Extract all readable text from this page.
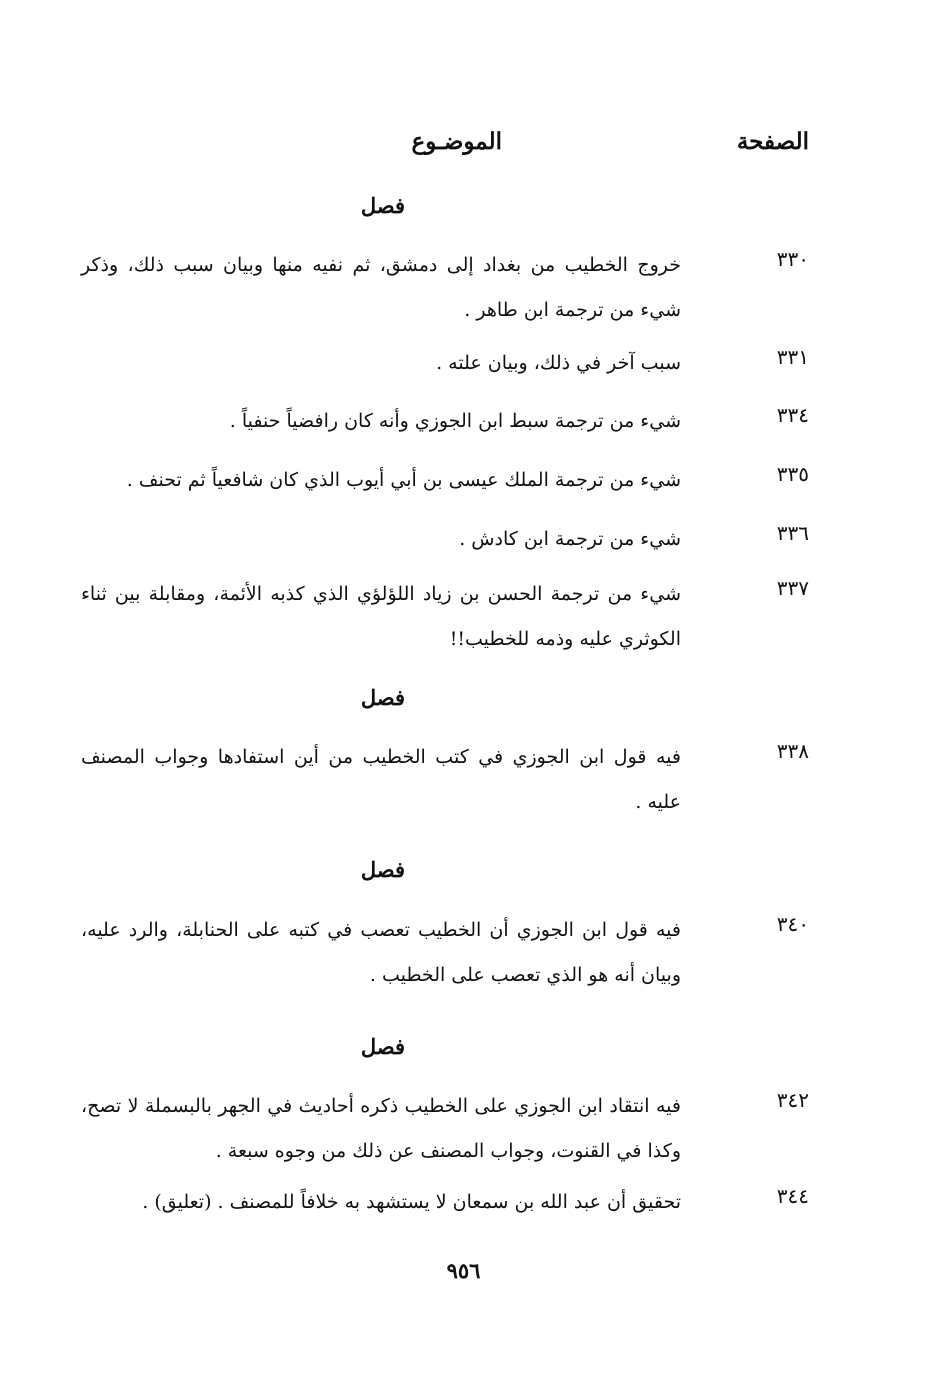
الصفحة
الموضـوع
فصل
٣٣٠
خروج الخطيب من بغداد إلى دمشق، ثم نفيه منها وبيان سبب ذلك، وذكر شيء من ترجمة ابن طاهر .
٣٣١
سبب آخر في ذلك، وبيان علته .
٣٣٤
شيء من ترجمة سبط ابن الجوزي وأنه كان رافضياً حنفياً .
٣٣٥
شيء من ترجمة الملك عيسى بن أبي أيوب الذي كان شافعياً ثم تحنف .
٣٣٦
شيء من ترجمة ابن كادش .
٣٣٧
شيء من ترجمة الحسن بن زياد اللؤلؤي الذي كذبه الأئمة، ومقابلة بين ثناء الكوثري عليه وذمه للخطيب!!
فصل
٣٣٨
فيه قول ابن الجوزي في كتب الخطيب من أين استفادها وجواب المصنف عليه .
فصل
٣٤٠
فيه قول ابن الجوزي أن الخطيب تعصب في كتبه على الحنابلة، والرد عليه، وبيان أنه هو الذي تعصب على الخطيب .
فصل
٣٤٢
فيه انتقاد ابن الجوزي على الخطيب ذكره أحاديث في الجهر بالبسملة لا تصح، وكذا في القنوت، وجواب المصنف عن ذلك من وجوه سبعة .
٣٤٤
تحقيق أن عبد الله بن سمعان لا يستشهد به خلافاً للمصنف . (تعليق) .
٩٥٦
